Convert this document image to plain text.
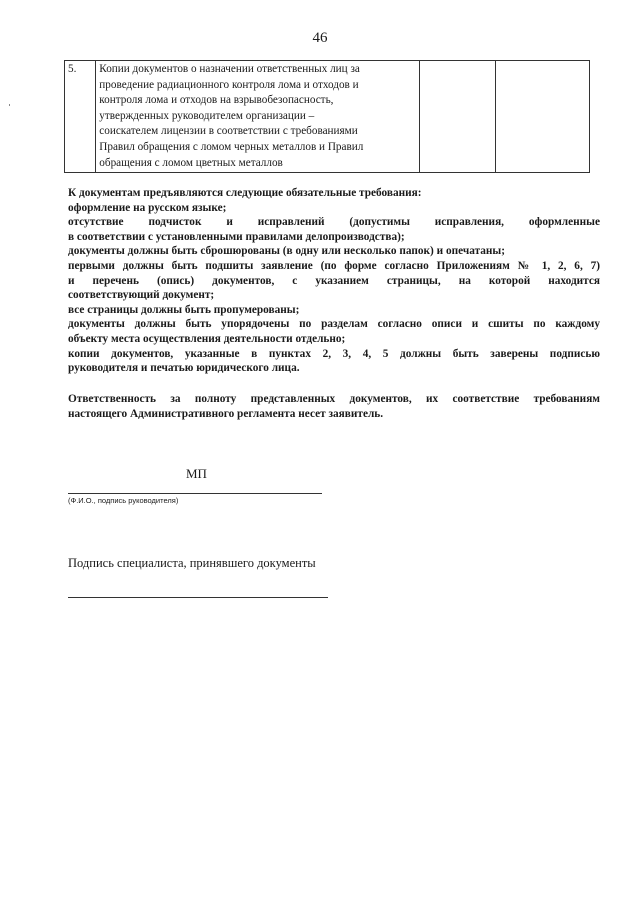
46
5.	Копии документов о назначении ответственных лиц за
проведение радиационного контроля лома и отходов и
контроля лома и отходов на взрывобезопасность,
утвержденных руководителем организации –
соискателем лицензии в соответствии с требованиями
Правил обращения с ломом черных металлов и Правил
обращения с ломом цветных металлов

К документам предъявляются следующие обязательные требования:

оформление на русском языке;

отсутствие подчисток и исправлений (допустимы исправления, оформленные

в соответствии с установленными правилами делопроизводства);

документы должны быть сброшюрованы (в одну или несколько папок) и опечатаны;

первыми должны быть подшиты заявление (по форме согласно Приложениям № 1, 2, 6, 7)

и перечень (опись) документов, с указанием страницы, на которой находится

соответствующий документ;

все страницы должны быть пропумерованы;

документы должны быть упорядочены по разделам согласно описи и сшиты по каждому

объекту места осуществления деятельности отдельно;

копии документов, указанные в пунктах 2, 3, 4, 5 должны быть заверены подписью

руководителя и печатью юридического лица.

Ответственность за полноту представленных документов, их соответствие требованиям

настоящего Административного регламента несет заявитель.

МП
(Ф.И.О., подпись руководителя)
Подпись специалиста, принявшего документы
